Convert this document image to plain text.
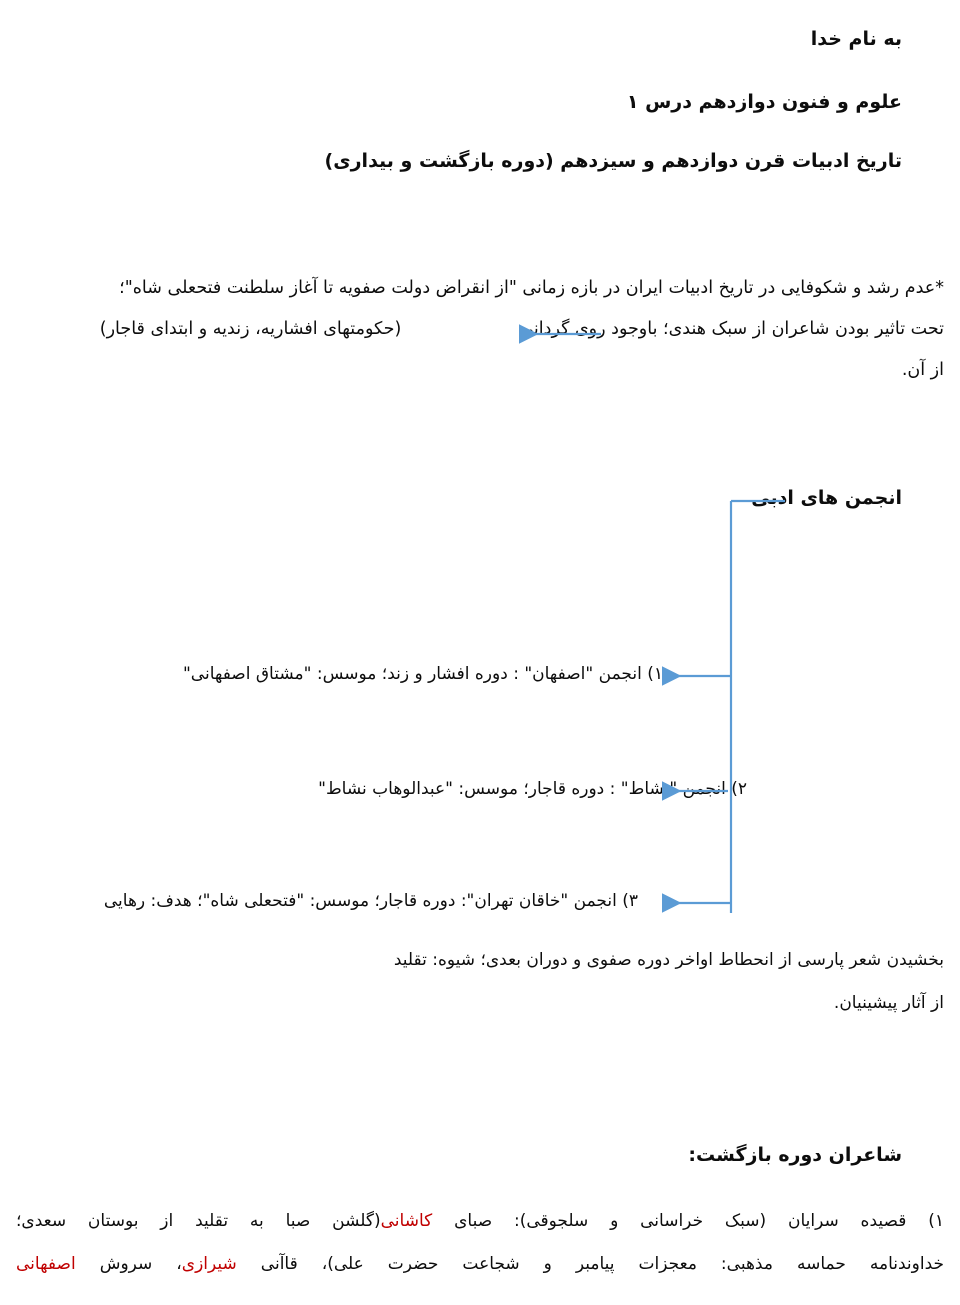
به نام خدا
علوم و فنون دوازدهم درس ۱
تاریخ ادبیات قرن دوازدهم و سیزدهم (دوره بازگشت و بیداری)
*عدم رشد و شکوفایی در تاریخ ادبیات ایران در بازه زمانی "از انقراض دولت صفویه تا آغاز سلطنت فتحعلی شاه"؛
تحت تاثیر بودن شاعران از سبک هندی؛ باوجود روی گردانی(حکومتهای افشاریه، زندیه و ابتدای قاجار)
از آن.
انجمن های ادبی
۱) انجمن "اصفهان" : دوره افشار و زند؛ موسس: "مشتاق اصفهانی"
۲) انجمن "نشاط" : دوره قاجار؛ موسس: "عبدالوهاب نشاط"
۳) انجمن "خاقان تهران": دوره قاجار؛ موسس: "فتحعلی شاه"؛ هدف: رهایی
بخشیدن شعر پارسی از انحطاط اواخر دوره صفوی و دوران بعدی؛ شیوه: تقلید
از آثار پیشینیان.
شاعران دوره بازگشت:
۱) قصیده سرایان (سبک خراسانی و سلجوقی): صبای کاشانی(گلشن صبا به تقلید از بوستان سعدی؛
خداوندنامه حماسه مذهبی: معجزات پیامبر و شجاعت حضرت علی)، قاآنی شیرازی، سروش اصفهانی
